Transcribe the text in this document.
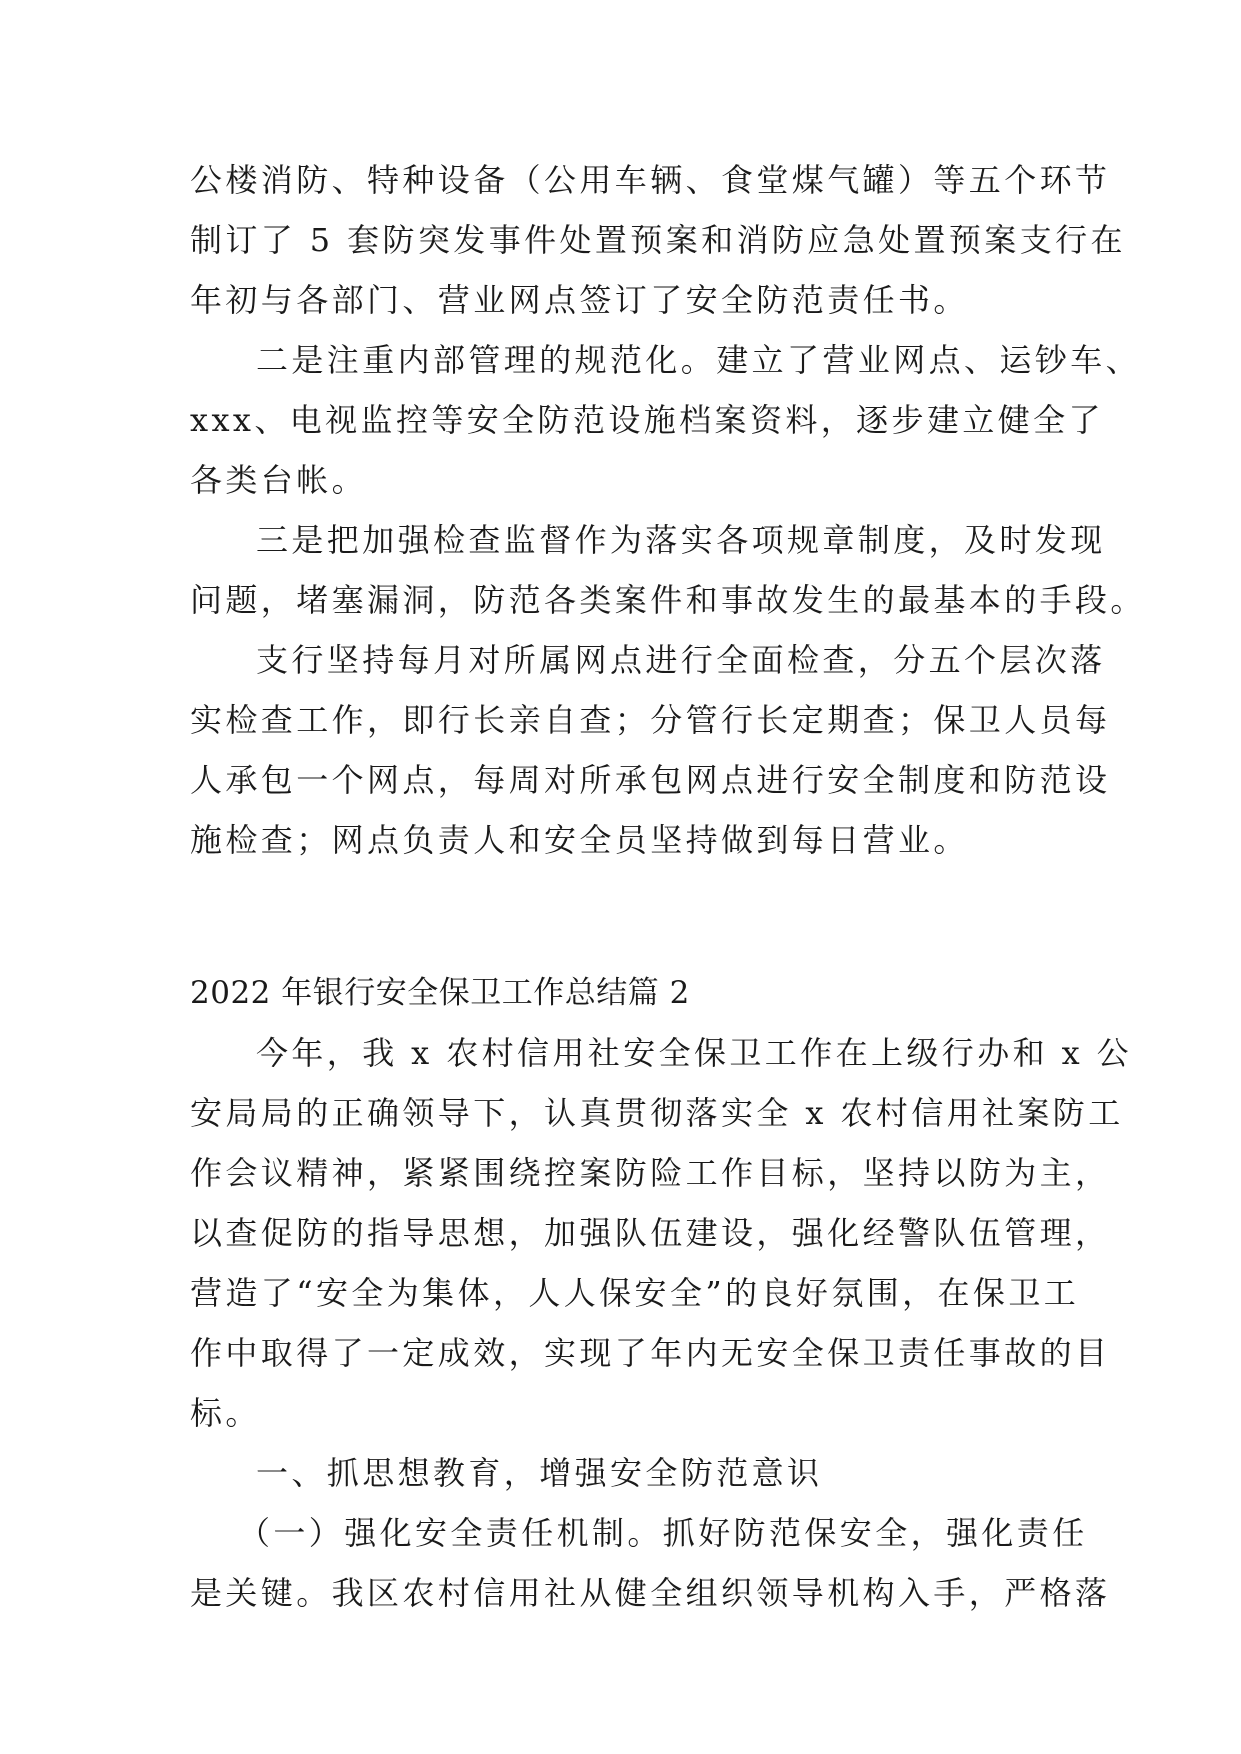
公楼消防、特种设备（公用车辆、食堂煤气罐）等五个环节
制订了 5 套防突发事件处置预案和消防应急处置预案支行在
年初与各部门、营业网点签订了安全防范责任书。
二是注重内部管理的规范化。建立了营业网点、运钞车、
xxx、电视监控等安全防范设施档案资料，逐步建立健全了
各类台帐。
三是把加强检查监督作为落实各项规章制度，及时发现
问题，堵塞漏洞，防范各类案件和事故发生的最基本的手段。
支行坚持每月对所属网点进行全面检查，分五个层次落
实检查工作，即行长亲自查；分管行长定期查；保卫人员每
人承包一个网点，每周对所承包网点进行安全制度和防范设
施检查；网点负责人和安全员坚持做到每日营业。
2022 年银行安全保卫工作总结篇 2
今年，我 x 农村信用社安全保卫工作在上级行办和 x 公
安局局的正确领导下，认真贯彻落实全 x 农村信用社案防工
作会议精神，紧紧围绕控案防险工作目标，坚持以防为主，
以查促防的指导思想，加强队伍建设，强化经警队伍管理，
营造了“安全为集体，人人保安全”的良好氛围，在保卫工
作中取得了一定成效，实现了年内无安全保卫责任事故的目
标。
一、抓思想教育，增强安全防范意识
（一）强化安全责任机制。抓好防范保安全，强化责任
是关键。我区农村信用社从健全组织领导机构入手，严格落
